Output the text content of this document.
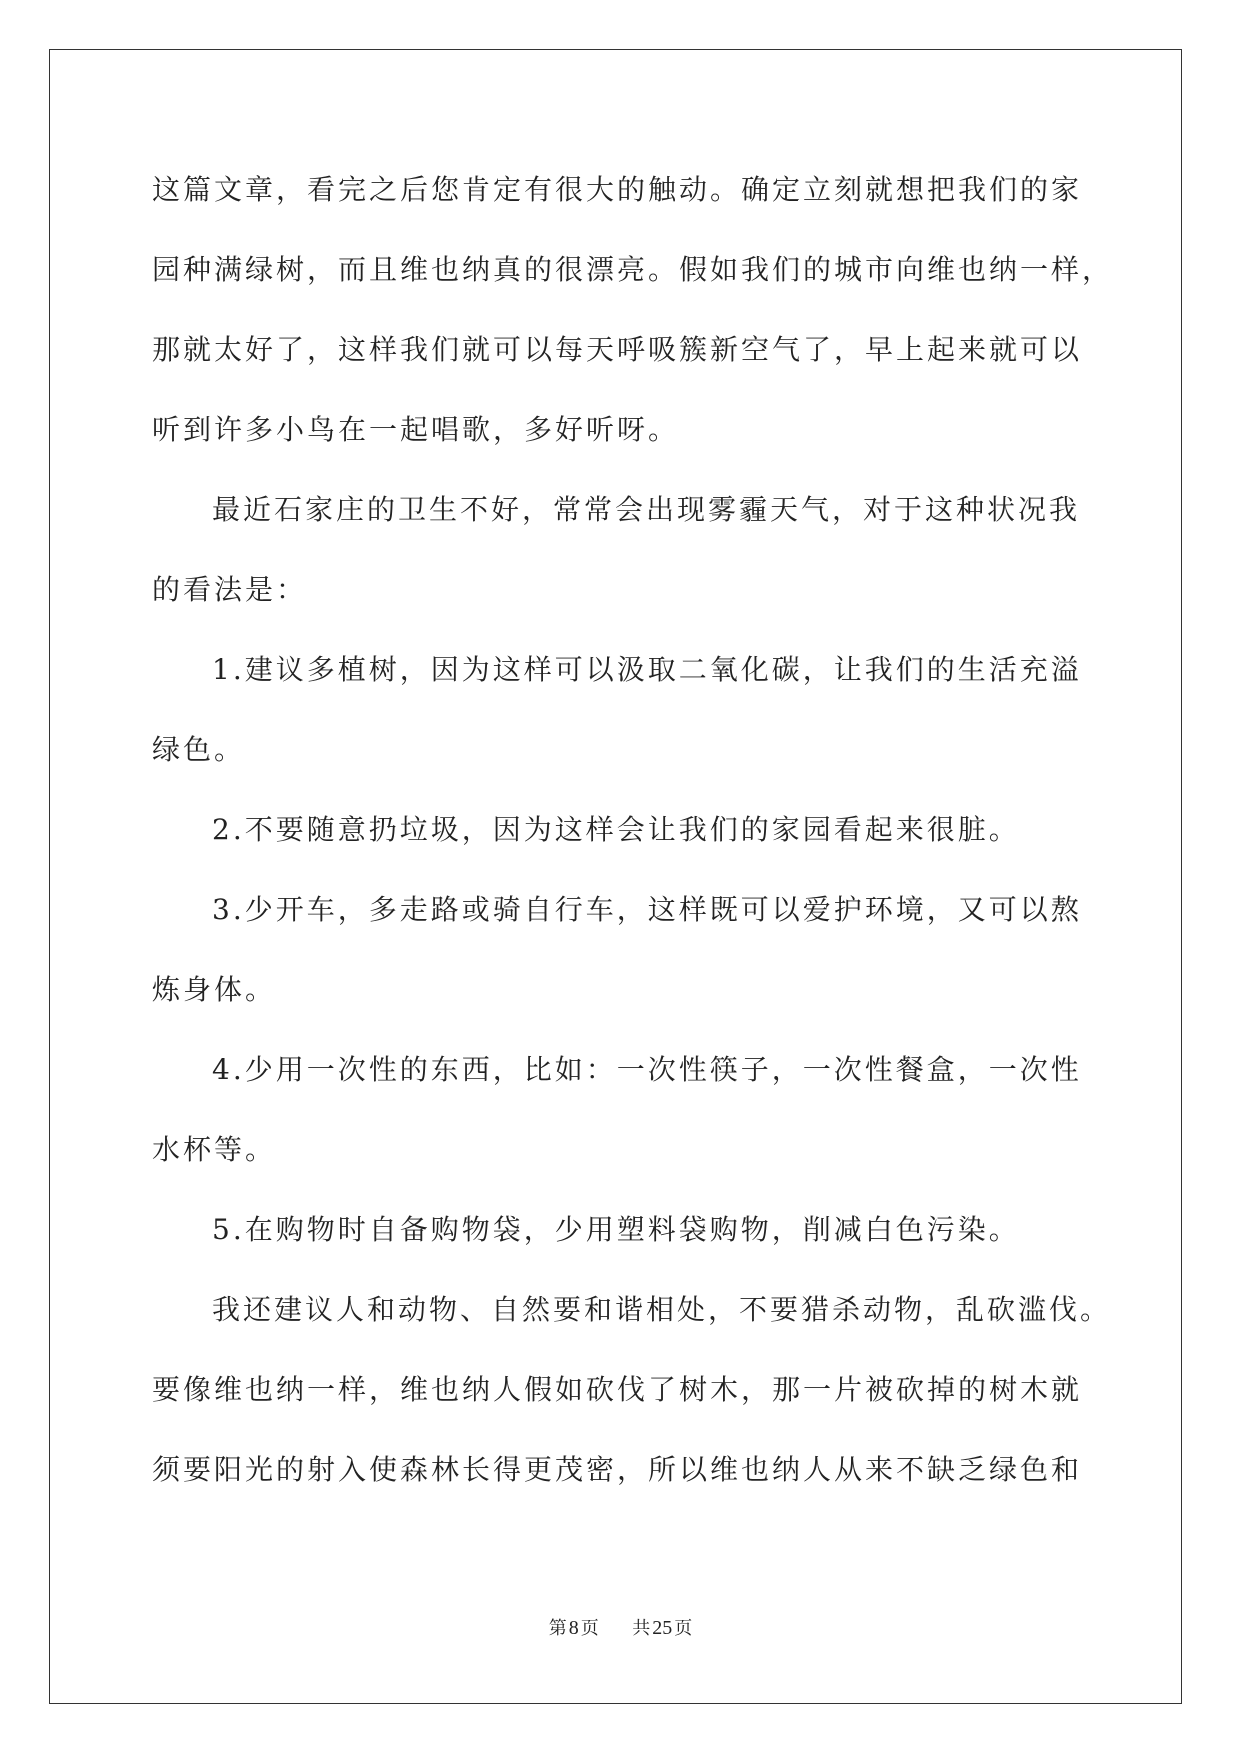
这篇文章，看完之后您肯定有很大的触动。确定立刻就想把我们的家
园种满绿树，而且维也纳真的很漂亮。假如我们的城市向维也纳一样，
那就太好了，这样我们就可以每天呼吸簇新空气了，早上起来就可以
听到许多小鸟在一起唱歌，多好听呀。
最近石家庄的卫生不好，常常会出现雾霾天气，对于这种状况我
的看法是：
1.建议多植树，因为这样可以汲取二氧化碳，让我们的生活充溢
绿色。
2.不要随意扔垃圾，因为这样会让我们的家园看起来很脏。
3.少开车，多走路或骑自行车，这样既可以爱护环境，又可以熬
炼身体。
4.少用一次性的东西，比如：一次性筷子，一次性餐盒，一次性
水杯等。
5.在购物时自备购物袋，少用塑料袋购物，削减白色污染。
我还建议人和动物、自然要和谐相处，不要猎杀动物，乱砍滥伐。
要像维也纳一样，维也纳人假如砍伐了树木，那一片被砍掉的树木就
须要阳光的射入使森林长得更茂密，所以维也纳人从来不缺乏绿色和
第 8 页 共 25 页
